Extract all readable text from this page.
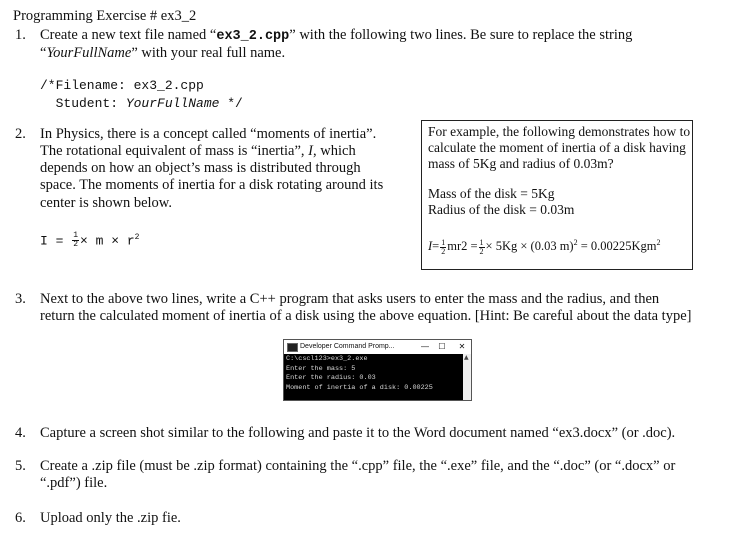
Programming Exercise # ex3_2
1. Create a new text file named “ex3_2.cpp” with the following two lines. Be sure to replace the string
“YourFullName” with your real full name.
/*Filename: ex3_2.cpp
Student: YourFullName */
2. In Physics, there is a concept called “moments of inertia”.
The rotational equivalent of mass is “inertia”, I, which
depends on how an object’s mass is distributed through
space. The moments of inertia for a disk rotating around its
center is shown below.
$I = \frac{1}{2} \times m \times r^2$
For example, the following demonstrates how to
calculate the moment of inertia of a disk having
mass of 5Kg and radius of 0.03m?
Mass of the disk = 5Kg
Radius of the disk = 0.03m
$I= \frac{1}{2} mr2 = \frac{1}{2} \times 5Kg \times (0.03$ m)$^2$ = 0.00225Kgm$^2$
3. Next to the above two lines, write a C++ program that asks users to enter the mass and the radius, and then
return the calculated moment of inertia of a disk using the above equation. [Hint: Be careful about the data type]
Developer Command Promp...	—	☐	✕
C:\cscl123>ex3_2.exe
Enter the mass: 5
Enter the radius: 0.03
Moment of inertia of a disk: 0.00225
▲
4. Capture a screen shot similar to the following and paste it to the Word document named “ex3.docx” (or .doc).
5. Create a .zip file (must be .zip format) containing the “.cpp” file, the “.exe” file, and the “.doc” (or “.docx” or
“.pdf”) file.
6. Upload only the .zip fie.
